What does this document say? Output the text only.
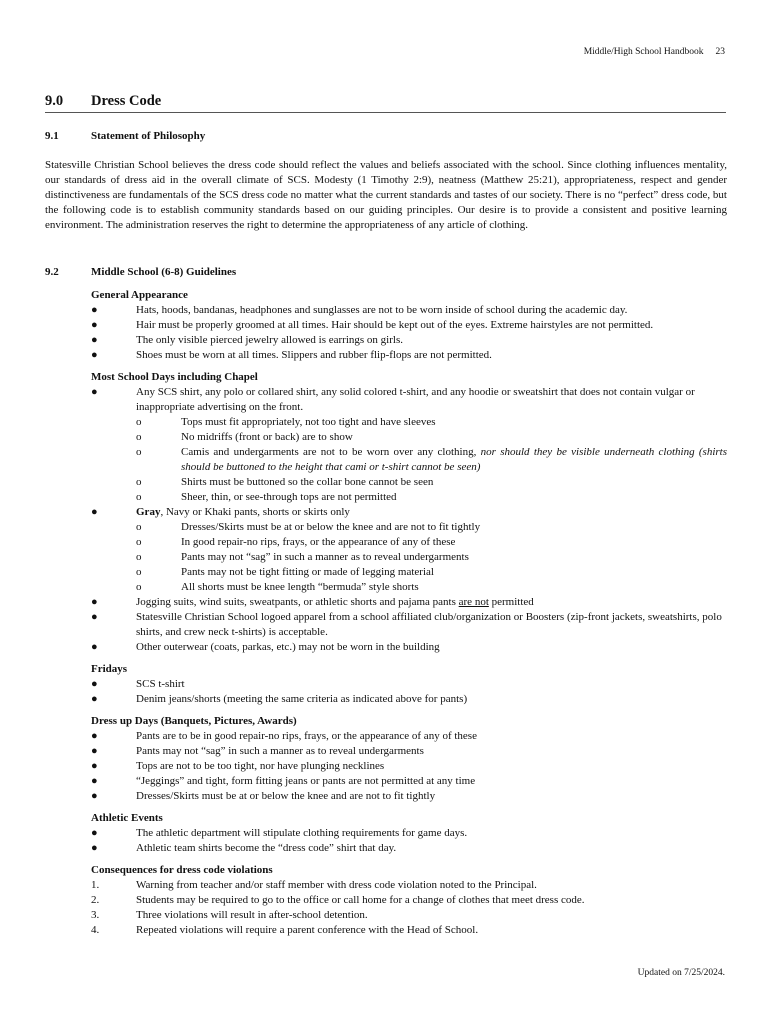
Middle/High School Handbook 23
9.0 Dress Code
9.1	Statement of Philosophy
Statesville Christian School believes the dress code should reflect the values and beliefs associated with the school. Since clothing influences mentality, our standards of dress aid in the overall climate of SCS. Modesty (1 Timothy 2:9), neatness (Matthew 25:21), appropriateness, respect and gender distinctiveness are fundamentals of the SCS dress code no matter what the current standards and tastes of our society. There is no “perfect” dress code, but the following code is to establish community standards based on our guiding principles. Our desire is to provide a consistent and positive learning environment. The administration reserves the right to determine the appropriateness of any article of clothing.
9.2	Middle School (6-8) Guidelines
General Appearance
●	Hats, hoods, bandanas, headphones and sunglasses are not to be worn inside of school during the academic day.
●	Hair must be properly groomed at all times. Hair should be kept out of the eyes. Extreme hairstyles are not permitted.
●	The only visible pierced jewelry allowed is earrings on girls.
●	Shoes must be worn at all times. Slippers and rubber flip-flops are not permitted.
Most School Days including Chapel
●	Any SCS shirt, any polo or collared shirt, any solid colored t-shirt, and any hoodie or sweatshirt that does not contain vulgar or inappropriate advertising on the front.
o	Tops must fit appropriately, not too tight and have sleeves
o	No midriffs (front or back) are to show
o	Camis and undergarments are not to be worn over any clothing, nor should they be visible underneath clothing (shirts should be buttoned to the height that cami or t-shirt cannot be seen)
o	Shirts must be buttoned so the collar bone cannot be seen
o	Sheer, thin, or see-through tops are not permitted
●	Gray, Navy or Khaki pants, shorts or skirts only
o	Dresses/Skirts must be at or below the knee and are not to fit tightly
o	In good repair-no rips, frays, or the appearance of any of these
o	Pants may not “sag” in such a manner as to reveal undergarments
o	Pants may not be tight fitting or made of legging material
o	All shorts must be knee length “bermuda” style shorts
●	Jogging suits, wind suits, sweatpants, or athletic shorts and pajama pants are not permitted
●	Statesville Christian School logoed apparel from a school affiliated club/organization or Boosters (zip-front jackets, sweatshirts, polo shirts, and crew neck t-shirts) is acceptable.
●	Other outerwear (coats, parkas, etc.) may not be worn in the building
Fridays
●	SCS t-shirt
●	Denim jeans/shorts (meeting the same criteria as indicated above for pants)
Dress up Days (Banquets, Pictures, Awards)
●	Pants are to be in good repair-no rips, frays, or the appearance of any of these
●	Pants may not “sag” in such a manner as to reveal undergarments
●	Tops are not to be too tight, nor have plunging necklines
●	“Jeggings” and tight, form fitting jeans or pants are not permitted at any time
●	Dresses/Skirts must be at or below the knee and are not to fit tightly
Athletic Events
●	The athletic department will stipulate clothing requirements for game days.
●	Athletic team shirts become the “dress code” shirt that day.
Consequences for dress code violations
1.	Warning from teacher and/or staff member with dress code violation noted to the Principal.
2.	Students may be required to go to the office or call home for a change of clothes that meet dress code.
3.	Three violations will result in after-school detention.
4.	Repeated violations will require a parent conference with the Head of School.
Updated on 7/25/2024.
